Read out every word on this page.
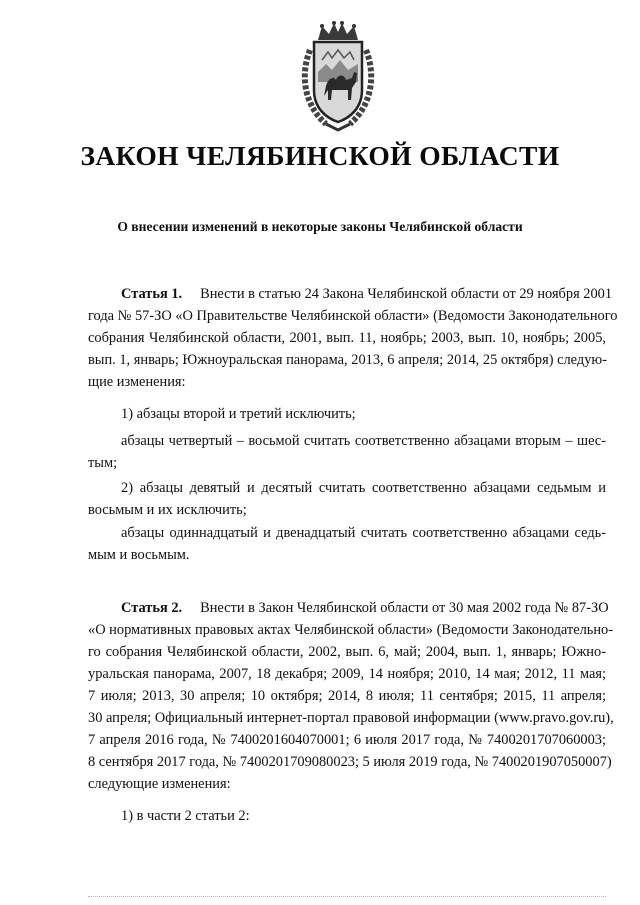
ЗАКОН ЧЕЛЯБИНСКОЙ ОБЛАСТИ
О внесении изменений в некоторые законы Челябинской области

Статья 1. Внести в статью 24 Закона Челябинской области от 29 ноября 2001

года № 57-ЗО «О Правительстве Челябинской области» (Ведомости Законодательного

собрания Челябинской области, 2001, вып. 11, ноябрь; 2003, вып. 10, ноябрь; 2005,

вып. 1, январь; Южноуральская панорама, 2013, 6 апреля; 2014, 25 октября) следую-

щие изменения:

1) абзацы второй и третий исключить;

абзацы четвертый – восьмой считать соответственно абзацами вторым – шес-

тым;

2) абзацы девятый и десятый считать соответственно абзацами седьмым и

восьмым и их исключить;

абзацы одиннадцатый и двенадцатый считать соответственно абзацами седь-

мым и восьмым.

Статья 2. Внести в Закон Челябинской области от 30 мая 2002 года № 87-ЗО

«О нормативных правовых актах Челябинской области» (Ведомости Законодательно-

го собрания Челябинской области, 2002, вып. 6, май; 2004, вып. 1, январь; Южно-

уральская панорама, 2007, 18 декабря; 2009, 14 ноября; 2010, 14 мая; 2012, 11 мая;

7 июля; 2013, 30 апреля; 10 октября; 2014, 8 июля; 11 сентября; 2015, 11 апреля;

30 апреля; Официальный интернет-портал правовой информации (www.pravo.gov.ru),

7 апреля 2016 года, № 7400201604070001; 6 июля 2017 года, № 7400201707060003;

8 сентября 2017 года, № 7400201709080023; 5 июля 2019 года, № 7400201907050007)

следующие изменения:

1) в части 2 статьи 2:
